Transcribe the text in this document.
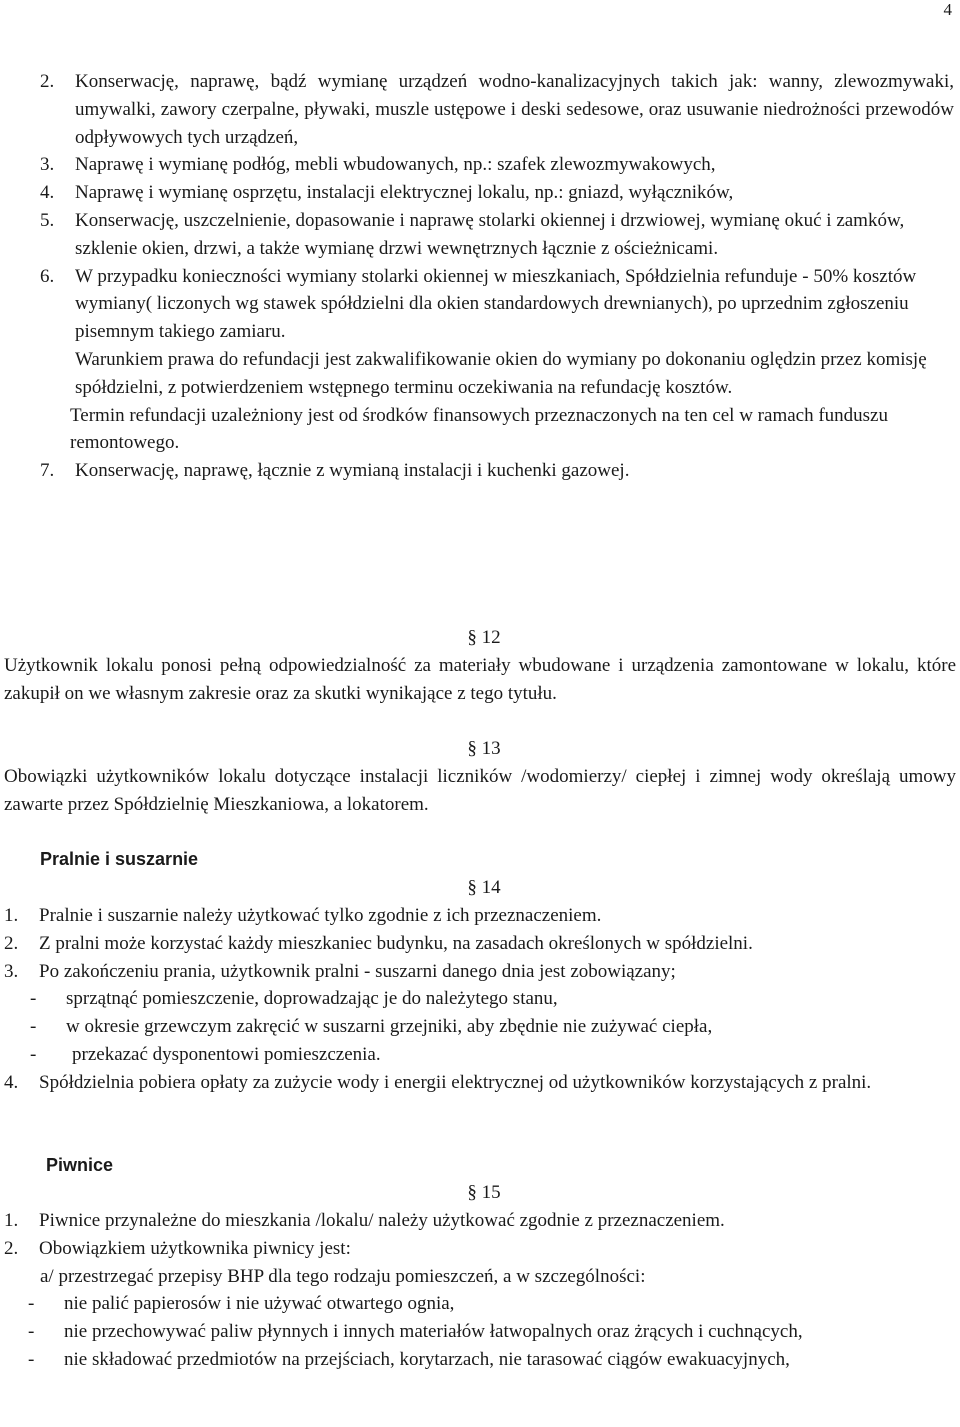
4
2.	Konserwację, naprawę, bądź wymianę urządzeń wodno-kanalizacyjnych takich jak: wanny, zlewozmywaki, umywalki, zawory czerpalne, pływaki, muszle ustępowe i deski sedesowe, oraz usuwanie niedrożności przewodów odpływowych tych urządzeń,
3.	Naprawę i wymianę podłóg, mebli wbudowanych, np.: szafek zlewozmywakowych,
4.	Naprawę i wymianę osprzętu, instalacji elektrycznej lokalu, np.: gniazd, wyłączników,
5.	Konserwację, uszczelnienie, dopasowanie i naprawę stolarki okiennej i drzwiowej, wymianę okuć i zamków, szklenie okien, drzwi, a także wymianę drzwi wewnętrznych łącznie z ościeżnicami.
6.	W przypadku konieczności wymiany stolarki okiennej w mieszkaniach, Spółdzielnia refunduje - 50% kosztów wymiany( liczonych wg stawek spółdzielni dla okien standardowych drewnianych), po uprzednim zgłoszeniu pisemnym takiego zamiaru.
Warunkiem prawa do refundacji jest zakwalifikowanie okien do wymiany po dokonaniu oględzin przez komisję spółdzielni, z potwierdzeniem wstępnego terminu oczekiwania na refundację kosztów.
Termin refundacji uzależniony jest od środków finansowych przeznaczonych na ten cel w ramach funduszu remontowego.
7.	Konserwację, naprawę, łącznie z wymianą instalacji i kuchenki gazowej.
§ 12
Użytkownik lokalu ponosi pełną odpowiedzialność za materiały wbudowane i urządzenia zamontowane w lokalu, które zakupił on we własnym zakresie oraz za skutki wynikające z tego tytułu.
§ 13
Obowiązki użytkowników lokalu dotyczące instalacji liczników /wodomierzy/ ciepłej i zimnej wody określają umowy zawarte przez Spółdzielnię Mieszkaniowa, a lokatorem.
Pralnie i suszarnie
§ 14
1.	Pralnie i suszarnie należy użytkować tylko zgodnie z ich przeznaczeniem.
2.	Z pralni może korzystać każdy mieszkaniec budynku, na zasadach określonych w spółdzielni.
3.	Po zakończeniu prania, użytkownik pralni - suszarni danego dnia jest zobowiązany;
-	sprzątnąć pomieszczenie, doprowadzając je do należytego stanu,
-	w okresie grzewczym zakręcić w suszarni grzejniki, aby zbędnie nie zużywać ciepła,
-	przekazać dysponentowi pomieszczenia.
4.	Spółdzielnia pobiera opłaty za zużycie wody i energii elektrycznej od użytkowników korzystających z pralni.
Piwnice
§ 15
1.	Piwnice przynależne do mieszkania /lokalu/ należy użytkować zgodnie z przeznaczeniem.
2.	Obowiązkiem użytkownika piwnicy jest:
a/ przestrzegać przepisy BHP dla tego rodzaju pomieszczeń, a w szczególności:
-	nie palić papierosów i nie używać otwartego ognia,
-	nie przechowywać paliw płynnych i innych materiałów łatwopalnych oraz żrących i cuchnących,
-	nie składować przedmiotów na przejściach, korytarzach, nie tarasować ciągów ewakuacyjnych,
